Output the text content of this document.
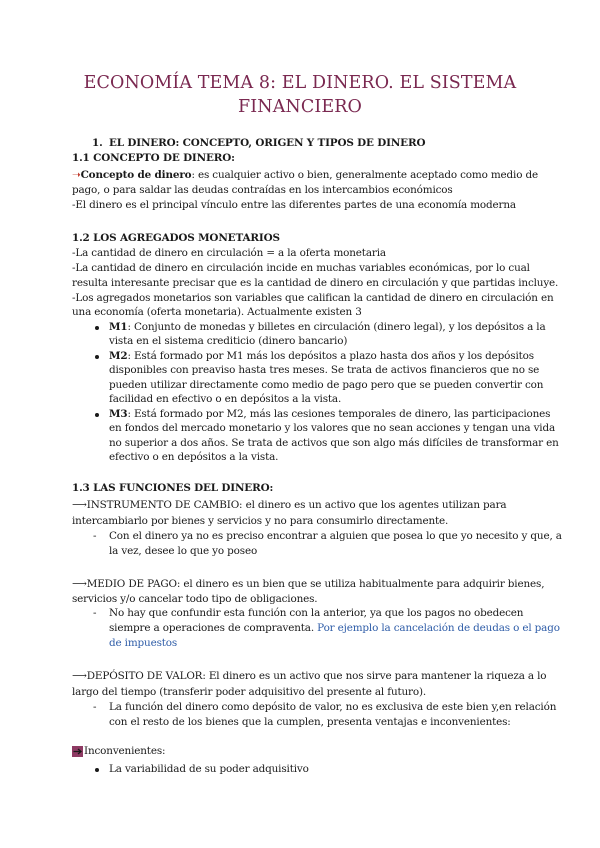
ECONOMÍA TEMA 8: EL DINERO. EL SISTEMA
FINANCIERO
1. EL DINERO: CONCEPTO, ORIGEN Y TIPOS DE DINERO
1.1 CONCEPTO DE DINERO:
➝Concepto de dinero: es cualquier activo o bien, generalmente aceptado como medio de
pago, o para saldar las deudas contraídas en los intercambios económicos
-El dinero es el principal vínculo entre las diferentes partes de una economía moderna
1.2 LOS AGREGADOS MONETARIOS
-La cantidad de dinero en circulación = a la oferta monetaria
-La cantidad de dinero en circulación incide en muchas variables económicas, por lo cual
resulta interesante precisar que es la cantidad de dinero en circulación y que partidas incluye.
-Los agregados monetarios son variables que califican la cantidad de dinero en circulación en
una economía (oferta monetaria). Actualmente existen 3
M1: Conjunto de monedas y billetes en circulación (dinero legal), y los depósitos a la
vista en el sistema crediticio (dinero bancario)
M2: Está formado por M1 más los depósitos a plazo hasta dos años y los depósitos
disponibles con preaviso hasta tres meses. Se trata de activos financieros que no se
pueden utilizar directamente como medio de pago pero que se pueden convertir con
facilidad en efectivo o en depósitos a la vista.
M3: Está formado por M2, más las cesiones temporales de dinero, las participaciones
en fondos del mercado monetario y los valores que no sean acciones y tengan una vida
no superior a dos años. Se trata de activos que son algo más difíciles de transformar en
efectivo o en depósitos a la vista.
1.3 LAS FUNCIONES DEL DINERO:
⟶INSTRUMENTO DE CAMBIO: el dinero es un activo que los agentes utilizan para
intercambiarlo por bienes y servicios y no para consumirlo directamente.
- Con el dinero ya no es preciso encontrar a alguien que posea lo que yo necesito y que, a
la vez, desee lo que yo poseo
⟶MEDIO DE PAGO: el dinero es un bien que se utiliza habitualmente para adquirir bienes,
servicios y/o cancelar todo tipo de obligaciones.
- No hay que confundir esta función con la anterior, ya que los pagos no obedecen
siempre a operaciones de compraventa. Por ejemplo la cancelación de deudas o el pago
de impuestos
⟶DEPÓSITO DE VALOR: El dinero es un activo que nos sirve para mantener la riqueza a lo
largo del tiempo (transferir poder adquisitivo del presente al futuro).
- La función del dinero como depósito de valor, no es exclusiva de este bien y,en relación
con el resto de los bienes que la cumplen, presenta ventajas e inconvenientes:
Inconvenientes:
La variabilidad de su poder adquisitivo
